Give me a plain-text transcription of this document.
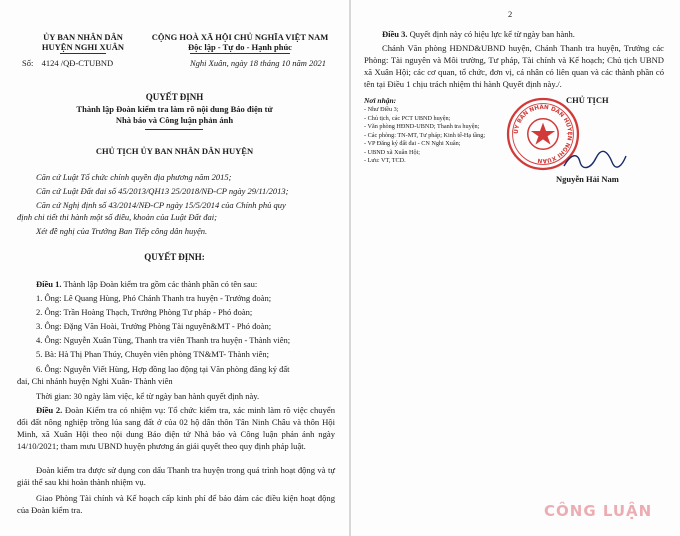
ỦY BAN NHÂN DÂN
HUYỆN NGHI XUÂN
Số: 4124 /QĐ-CTUBND
CỘNG HOÀ XÃ HỘI CHỦ NGHĨA VIỆT NAM
Độc lập - Tự do - Hạnh phúc
Nghi Xuân, ngày 18 tháng 10 năm 2021
QUYẾT ĐỊNH
Thành lập Đoàn kiểm tra làm rõ nội dung Báo điện tử
Nhà báo và Công luận phản ánh
CHỦ TỊCH ỦY BAN NHÂN DÂN HUYỆN
Căn cứ Luật Tổ chức chính quyền địa phương năm 2015;
Căn cứ Luật Đất đai số 45/2013/QH13 25/2018/NĐ-CP ngày 29/11/2013;
Căn cứ Nghị định số 43/2014/NĐ-CP ngày 15/5/2014 của Chính phủ quy
định chi tiết thi hành một số điều, khoản của Luật Đất đai;
Xét đề nghị của Trưởng Ban Tiếp công dân huyện.
QUYẾT ĐỊNH:
Điều 1. Thành lập Đoàn kiểm tra gồm các thành phần có tên sau:
1. Ông: Lê Quang Hùng, Phó Chánh Thanh tra huyện - Trưởng đoàn;
2. Ông: Trần Hoàng Thạch, Trưởng Phòng Tư pháp - Phó đoàn;
3. Ông: Đặng Văn Hoài, Trưởng Phòng Tài nguyên&MT - Phó đoàn;
4. Ông: Nguyễn Xuân Tùng, Thanh tra viên Thanh tra huyện - Thành viên;
5. Bà: Hà Thị Phan Thúy, Chuyên viên phòng TN&MT- Thành viên;
6. Ông: Nguyễn Viết Hùng, Hợp đồng lao động tại Văn phòng đăng ký đất
đai, Chi nhánh huyện Nghi Xuân- Thành viên
Thời gian: 30 ngày làm việc, kể từ ngày ban hành quyết định này.
Điều 2. Đoàn Kiểm tra có nhiệm vụ: Tổ chức kiểm tra, xác minh làm rõ việc chuyển đổi đất nông nghiệp trồng lúa sang đất ở của 02 hộ dân thôn Tân Ninh Châu và thôn Hội Minh, xã Xuân Hội theo nội dung Báo điện tử Nhà báo và Công luận phản ánh ngày 14/10/2021; tham mưu UBND huyện phương án giải quyết theo quy định pháp luật.
Đoàn kiểm tra được sử dụng con dấu Thanh tra huyện trong quá trình hoạt động và tự giải thể sau khi hoàn thành nhiệm vụ.
Giao Phòng Tài chính và Kế hoạch cấp kinh phí để bảo đảm các điều kiện hoạt động của Đoàn kiểm tra.
2
Điều 3. Quyết định này có hiệu lực kể từ ngày ban hành.
Chánh Văn phòng HĐND&UBND huyện, Chánh Thanh tra huyện, Trưởng các Phòng: Tài nguyên và Môi trường, Tư pháp, Tài chính và Kế hoạch; Chủ tịch UBND xã Xuân Hội; các cơ quan, tổ chức, đơn vị, cá nhân có liên quan và các thành phần có tên tại Điều 1 chịu trách nhiệm thi hành Quyết định này./.
Nơi nhận:
- Như Điều 3;
- Chủ tịch, các PCT UBND huyện;
- Văn phòng HĐND-UBND; Thanh tra huyện;
- Các phòng: TN-MT, Tư pháp; Kinh tế-Hạ tầng;
- VP Đăng ký đất đai - CN Nghi Xuân;
- UBND xã Xuân Hội;
- Lưu: VT, TCD.
CHỦ TỊCH
ỦY BAN NHÂN DÂN HUYỆN NGHI XUÂN
Nguyễn Hải Nam
CÔNG LUẬN
